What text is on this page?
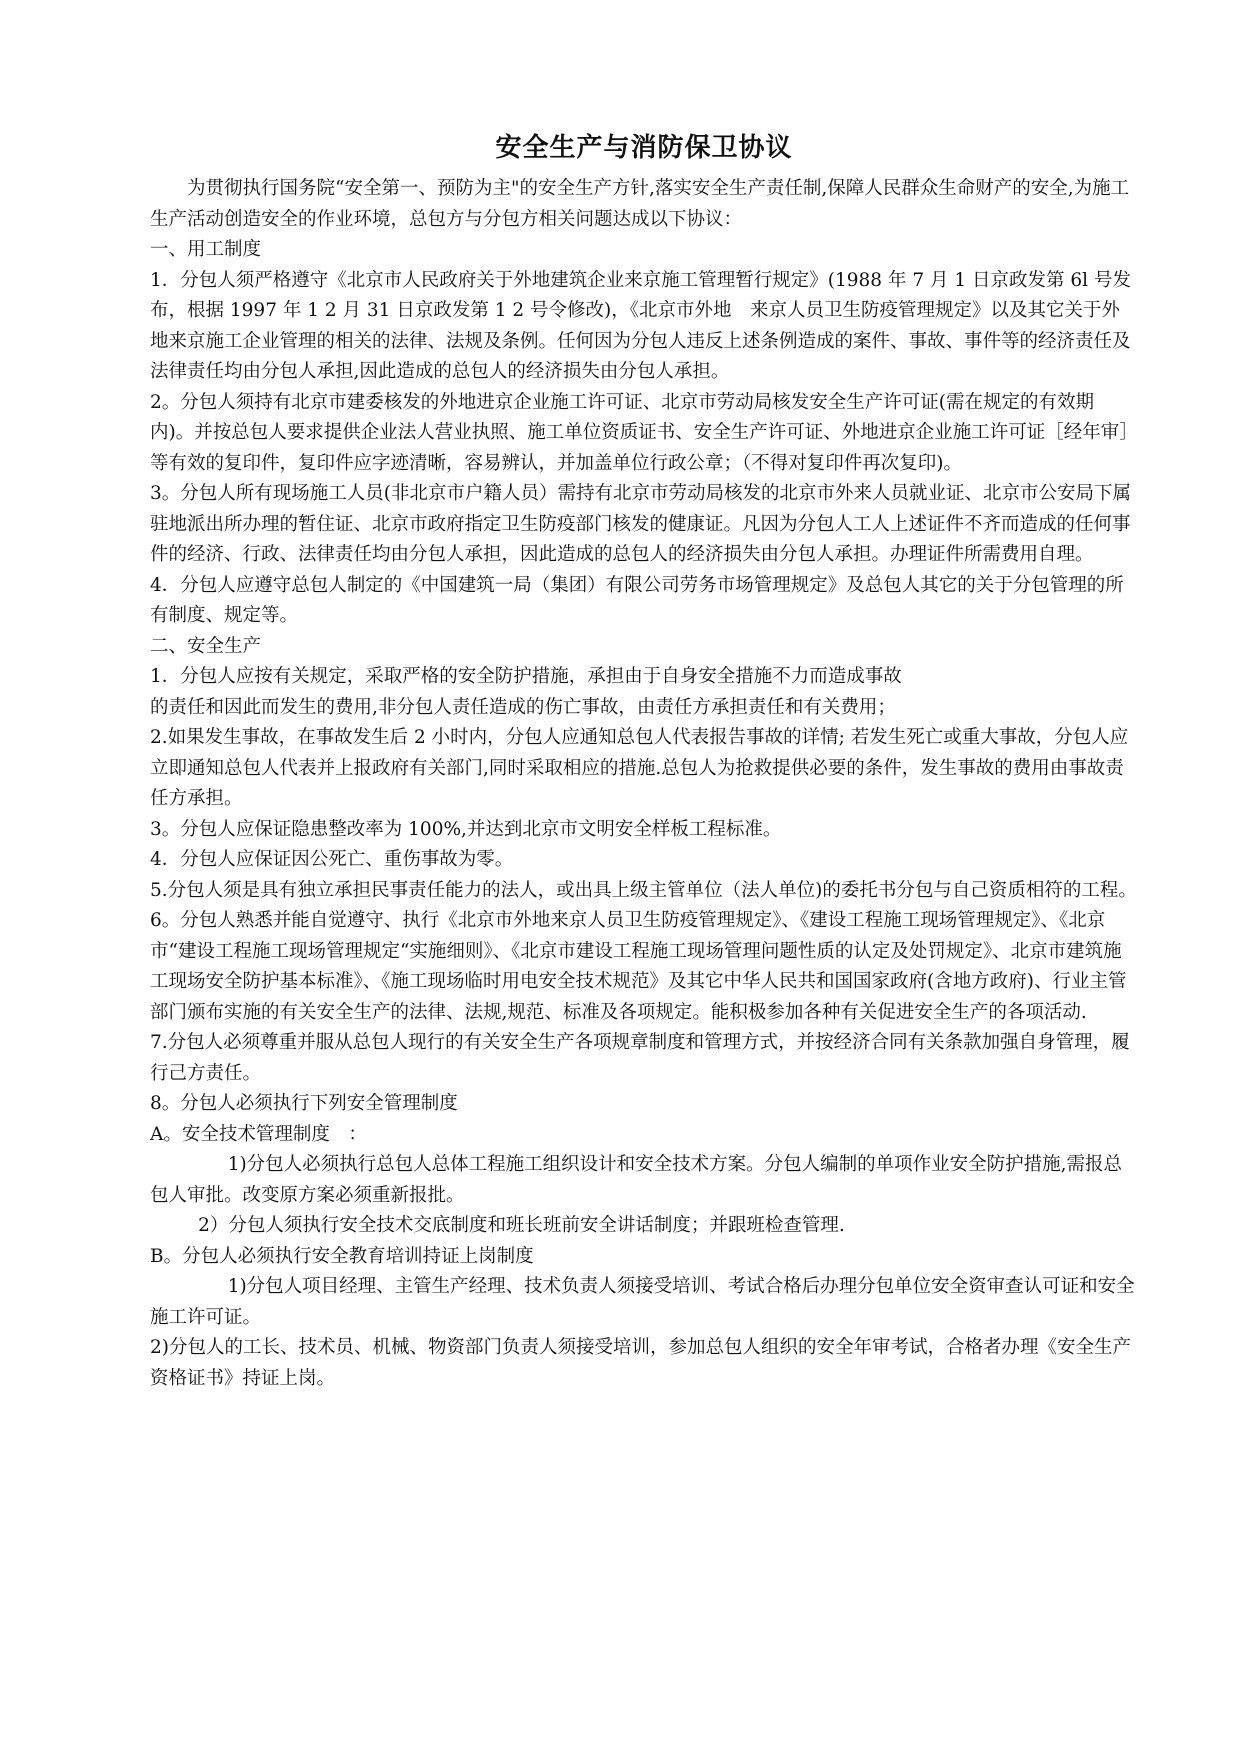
安全生产与消防保卫协议

为贯彻执行国务院“安全第一、预防为主"的安全生产方针,落实安全生产责任制,保障人民群众生命财产的安全,为施工生产活动创造安全的作业环境，总包方与分包方相关问题达成以下协议：

一、用工制度

1．分包人须严格遵守《北京市人民政府关于外地建筑企业来京施工管理暂行规定》(1988 年 7 月 1 日京政发第 6l 号发布，根据 1997 年 1 2 月 31 日京政发第 1 2 号令修改)，《北京市外地　来京人员卫生防疫管理规定》以及其它关于外地来京施工企业管理的相关的法律、法规及条例。任何因为分包人违反上述条例造成的案件、事故、事件等的经济责任及法律责任均由分包人承担,因此造成的总包人的经济损失由分包人承担。

2。分包人须持有北京市建委核发的外地进京企业施工许可证、北京市劳动局核发安全生产许可证(需在规定的有效期内)。并按总包人要求提供企业法人营业执照、施工单位资质证书、安全生产许可证、外地进京企业施工许可证［经年审］等有效的复印件，复印件应字迹清晰，容易辨认，并加盖单位行政公章；（不得对复印件再次复印)。

3。分包人所有现场施工人员(非北京市户籍人员）需持有北京市劳动局核发的北京市外来人员就业证、北京市公安局下属驻地派出所办理的暂住证、北京市政府指定卫生防疫部门核发的健康证。凡因为分包人工人上述证件不齐而造成的任何事件的经济、行政、法律责任均由分包人承担，因此造成的总包人的经济损失由分包人承担。办理证件所需费用自理。

4．分包人应遵守总包人制定的《中国建筑一局（集团）有限公司劳务市场管理规定》及总包人其它的关于分包管理的所有制度、规定等。

二、安全生产

1．分包人应按有关规定，采取严格的安全防护措施，承担由于自身安全措施不力而造成事故

的责任和因此而发生的费用,非分包人责任造成的伤亡事故，由责任方承担责任和有关费用；

2.如果发生事故，在事故发生后 2 小时内，分包人应通知总包人代表报告事故的详情; 若发生死亡或重大事故，分包人应立即通知总包人代表并上报政府有关部门,同时采取相应的措施.总包人为抢救提供必要的条件，发生事故的费用由事故责任方承担。

3。分包人应保证隐患整改率为 100%,并达到北京市文明安全样板工程标准。

4．分包人应保证因公死亡、重伤事故为零。

5.分包人须是具有独立承担民事责任能力的法人，或出具上级主管单位（法人单位)的委托书分包与自己资质相符的工程。

6。分包人熟悉并能自觉遵守、执行《北京市外地来京人员卫生防疫管理规定》、《建设工程施工现场管理规定》、《北京市“建设工程施工现场管理规定“实施细则》、《北京市建设工程施工现场管理问题性质的认定及处罚规定》、北京市建筑施工现场安全防护基本标准》、《施工现场临时用电安全技术规范》及其它中华人民共和国国家政府(含地方政府)、行业主管部门颁布实施的有关安全生产的法律、法规,规范、标准及各项规定。能积极参加各种有关促进安全生产的各项活动.

7.分包人必须尊重并服从总包人现行的有关安全生产各项规章制度和管理方式，并按经济合同有关条款加强自身管理，履行己方责任。

8。分包人必须执行下列安全管理制度

A。安全技术管理制度　：

1)分包人必须执行总包人总体工程施工组织设计和安全技术方案。分包人编制的单项作业安全防护措施,需报总包人审批。改变原方案必须重新报批。

2）分包人须执行安全技术交底制度和班长班前安全讲话制度；并跟班检查管理.

B。分包人必须执行安全教育培训持证上岗制度

1)分包人项目经理、主管生产经理、技术负责人须接受培训、考试合格后办理分包单位安全资审查认可证和安全施工许可证。

2)分包人的工长、技术员、机械、物资部门负责人须接受培训，参加总包人组织的安全年审考试，合格者办理《安全生产资格证书》持证上岗。
